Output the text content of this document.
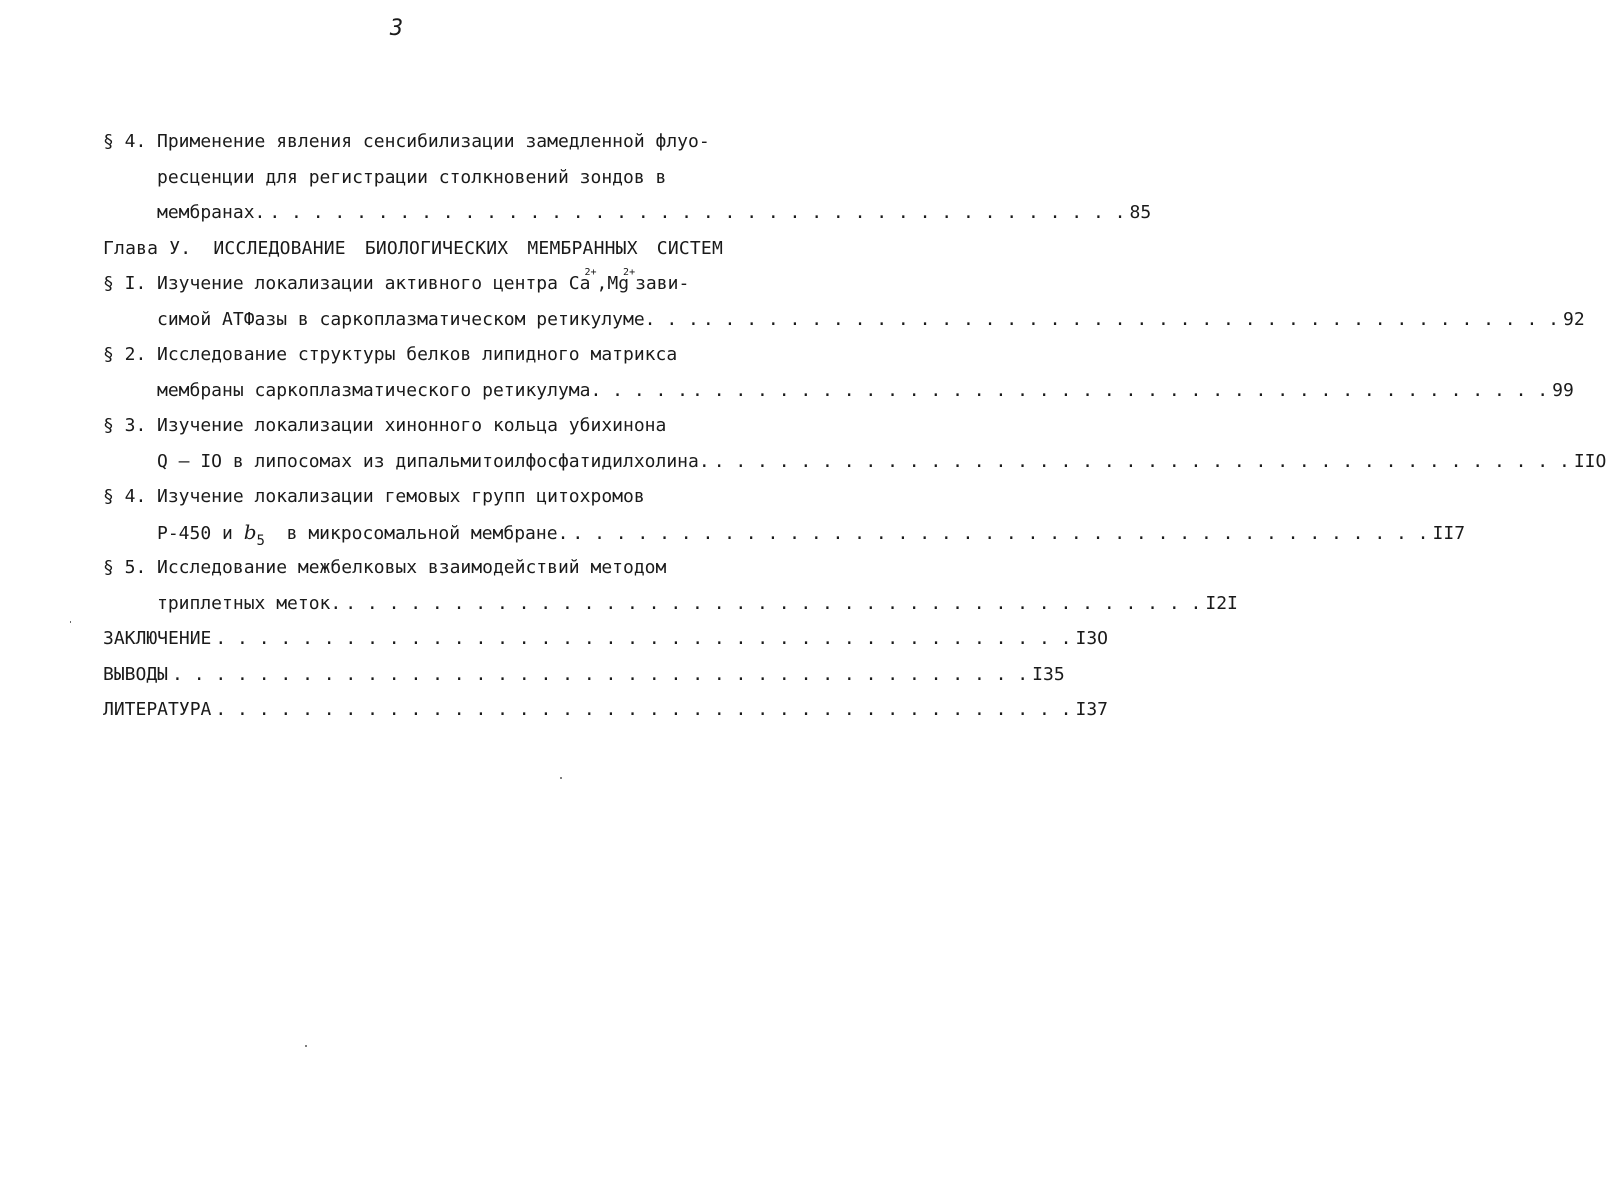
3
§ 4. Применение явления сенсибилизации замедленной флуо-
ресценции для регистрации столкновений зондов в
мембранах. . . . . . . . . . . . . . . . . . . . . . . . . . . . . . . . . . . . . . . . . 85
Глава У. ИССЛЕДОВАНИЕ БИОЛОГИЧЕСКИХ МЕМБРАННЫХ СИСТЕМ
§ I. Изучение локализации активного центра $Ca^{2+},Mg^{2+}зави-$
симой АТФазы в саркоплазматическом ретикулуме. . . . . . . . . . . . . . . . . . . . . . . . . . . . . . . . . . . . . . . . . . . 92
§ 2. Исследование структуры белков липидного матрикса
мембраны саркоплазматического ретикулума. . . . . . . . . . . . . . . . . . . . . . . . . . . . . . . . . . . . . . . . . . . . . 99
§ 3. Изучение локализации хинонного кольца убихинона
Q – IO в липосомах из дипальмитоилфосфатидилхолина. . . . . . . . . . . . . . . . . . . . . . . . . . . . . . . . . . . . . . . . . IIO
§ 4. Изучение локализации гемовых групп цитохромов
Р-450 и $b_5$ в микросомальной мембране. . . . . . . . . . . . . . . . . . . . . . . . . . . . . . . . . . . . . . . . . II7
§ 5. Исследование межбелковых взаимодействий методом
триплетных меток. . . . . . . . . . . . . . . . . . . . . . . . . . . . . . . . . . . . . . . . . I2I
ЗАКЛЮЧЕНИЕ . . . . . . . . . . . . . . . . . . . . . . . . . . . . . . . . . . . . . . . . I3O
ВЫВОДЫ . . . . . . . . . . . . . . . . . . . . . . . . . . . . . . . . . . . . . . . . I35
ЛИТЕРАТУРА . . . . . . . . . . . . . . . . . . . . . . . . . . . . . . . . . . . . . . . . I37
